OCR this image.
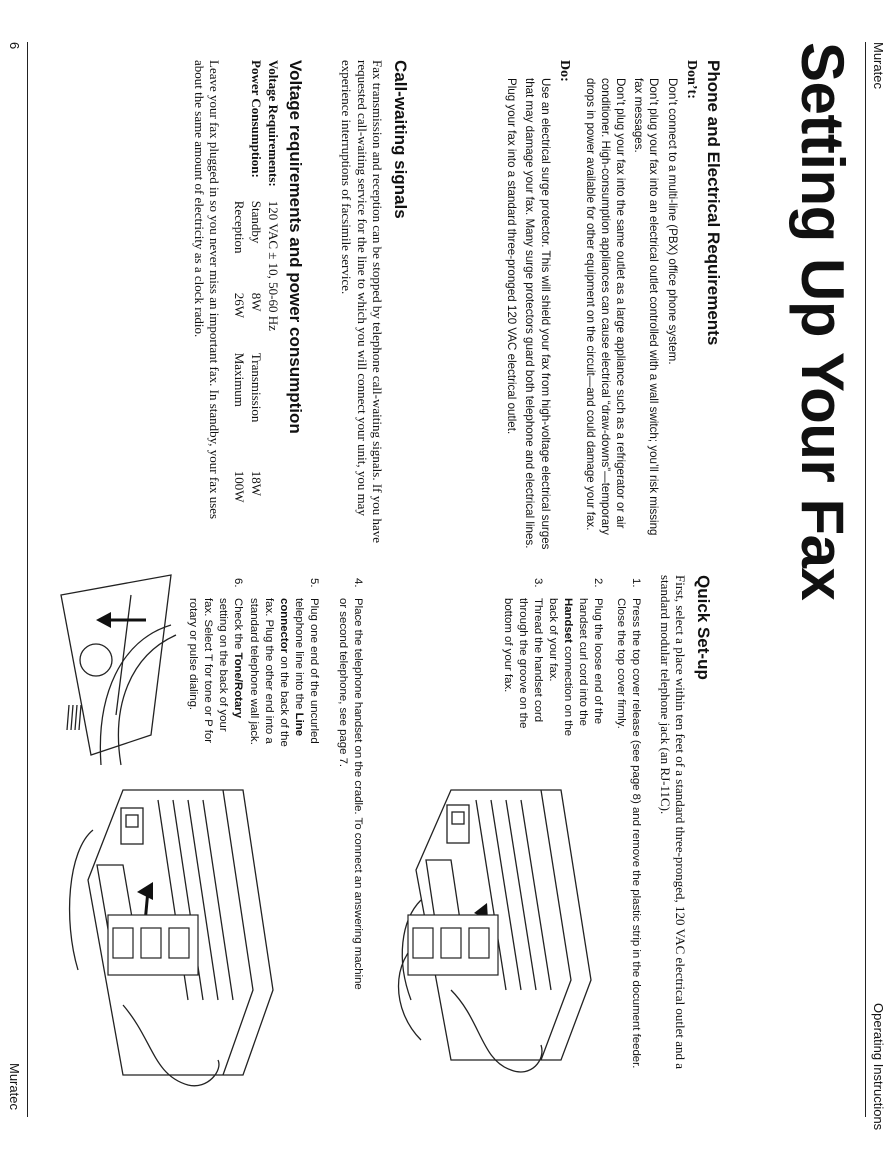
Muratec
Operating Instructions
Setting Up Your Fax
Phone and Electrical Requirements
Don’t:

Don’t connect to a multi-line (PBX) office phone system.

Don’t plug your fax into an electrical outlet controlled with a wall switch; you’ll risk missing fax messages.

Don’t plug your fax into the same outlet as a large appliance such as a refrigerator or air conditioner. High-consumption appliances can cause electrical “draw-downs”—temporary drops in power available for other equipment on the circuit—and could damage your fax.

Do:

Use an electrical surge protector. This will shield your fax from high-voltage electrical surges that may damage your fax. Many surge protectors guard both telephone and electrical lines.

Plug your fax into a standard three-pronged 120 VAC electrical outlet.

Call-waiting signals

Fax transmission and reception can be stopped by telephone call-waiting signals. If you have requested call-waiting service for the line to which you will connect your unit, you may experience interruptions of facsimile service.

Voltage requirements and power consumption
Voltage Requirements:	120 VAC ± 10, 50-60 Hz			
Power Consumption:	Standby	8W	Transmission	18W
	Reception	26W	Maximum	100W

Leave your fax plugged in so you never miss an important fax. In standby, your fax uses about the same amount of electricity as a clock radio.

Quick Set-up

First, select a place within ten feet of a standard three-pronged, 120 VAC electrical outlet and a standard modular telephone jack (an RJ-11C).

1.
Press the top cover release (see page 8) and remove the plastic strip in the document feeder. Close the top cover firmly.
2.
Plug the loose end of the handset curl cord into the Handset connection on the back of your fax.
3.
Thread the handset cord through the groove on the bottom of your fax.
4.
Place the telephone handset on the cradle. To connect an answering machine or second telephone, see page 7.
5.
Plug one end of the uncurled telephone line into the Line connector on the back of the fax. Plug the other end into a standard telephone wall jack.
6.
Check the Tone/Rotary setting on the back of your fax. Select T for tone or P for rotary or pulse dialing.
6
Muratec
